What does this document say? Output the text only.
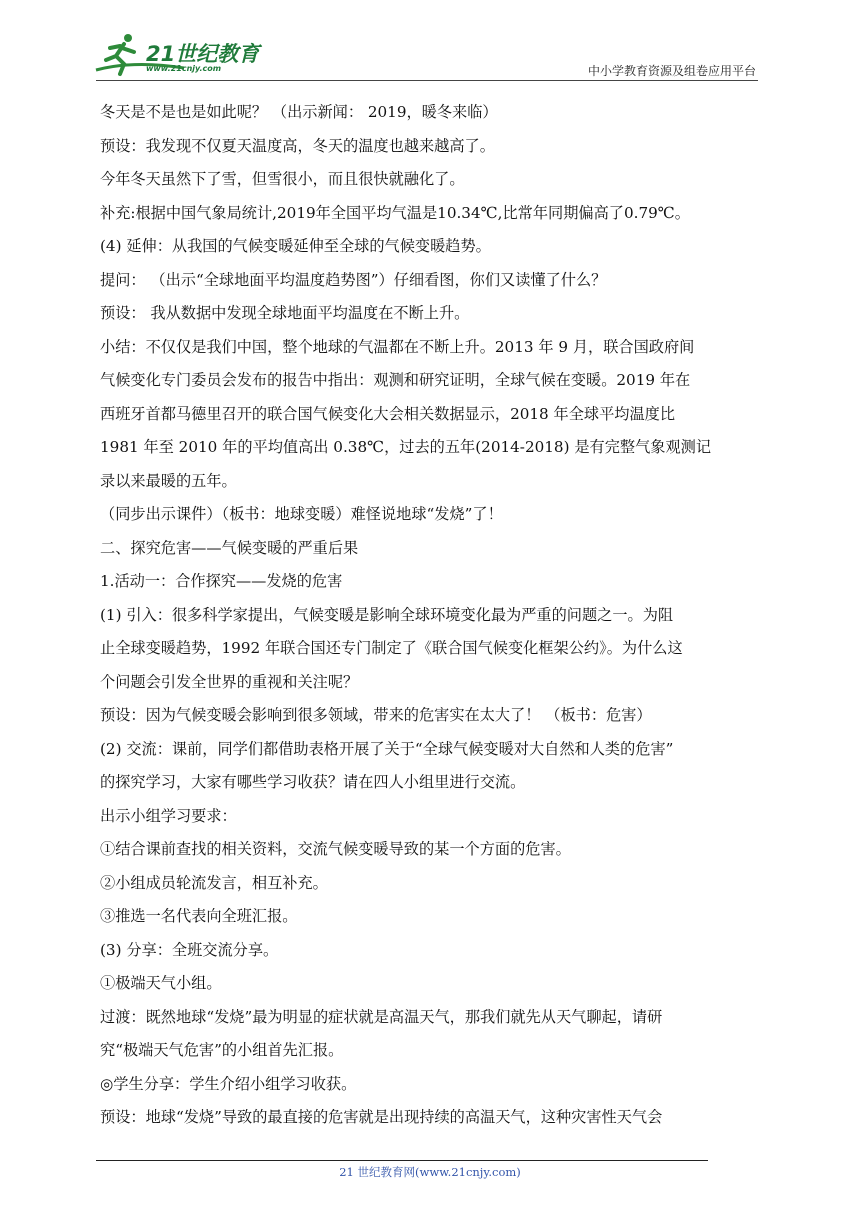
21世纪教育
www.21cnjy.com	中小学教育资源及组卷应用平台
冬天是不是也是如此呢？ （出示新闻： 2019，暖冬来临）
预设：我发现不仅夏天温度高，冬天的温度也越来越高了。
今年冬天虽然下了雪，但雪很小，而且很快就融化了。
补充:根据中国气象局统计,2019年全国平均气温是10.34℃,比常年同期偏高了0.79℃。
(4) 延伸：从我国的气候变暖延伸至全球的气候变暖趋势。
提问： （出示“全球地面平均温度趋势图”）仔细看图，你们又读懂了什么？
预设： 我从数据中发现全球地面平均温度在不断上升。
小结：不仅仅是我们中国，整个地球的气温都在不断上升。2013 年 9 月，联合国政府间
气候变化专门委员会发布的报告中指出：观测和研究证明，全球气候在变暖。2019 年在
西班牙首都马德里召开的联合国气候变化大会相关数据显示，2018 年全球平均温度比
1981 年至 2010 年的平均值高出 0.38℃，过去的五年(2014-2018) 是有完整气象观测记
录以来最暖的五年。
（同步出示课件）（板书：地球变暖）难怪说地球“发烧”了！
二、探究危害——气候变暖的严重后果
1.活动一：合作探究——发烧的危害
(1) 引入：很多科学家提出，气候变暖是影响全球环境变化最为严重的问题之一。为阻
止全球变暖趋势，1992 年联合国还专门制定了《联合国气候变化框架公约》。为什么这
个问题会引发全世界的重视和关注呢？
预设：因为气候变暖会影响到很多领域，带来的危害实在太大了！ （板书：危害）
(2) 交流：课前，同学们都借助表格开展了关于“全球气候变暖对大自然和人类的危害”
的探究学习，大家有哪些学习收获？请在四人小组里进行交流。
出示小组学习要求：
①结合课前查找的相关资料，交流气候变暖导致的某一个方面的危害。
②小组成员轮流发言，相互补充。
③推选一名代表向全班汇报。
(3) 分享：全班交流分享。
①极端天气小组。
过渡：既然地球“发烧”最为明显的症状就是高温天气，那我们就先从天气聊起，请研
究“极端天气危害”的小组首先汇报。
◎学生分享：学生介绍小组学习收获。
预设：地球“发烧”导致的最直接的危害就是出现持续的高温天气，这种灾害性天气会
21 世纪教育网(www.21cnjy.com)
